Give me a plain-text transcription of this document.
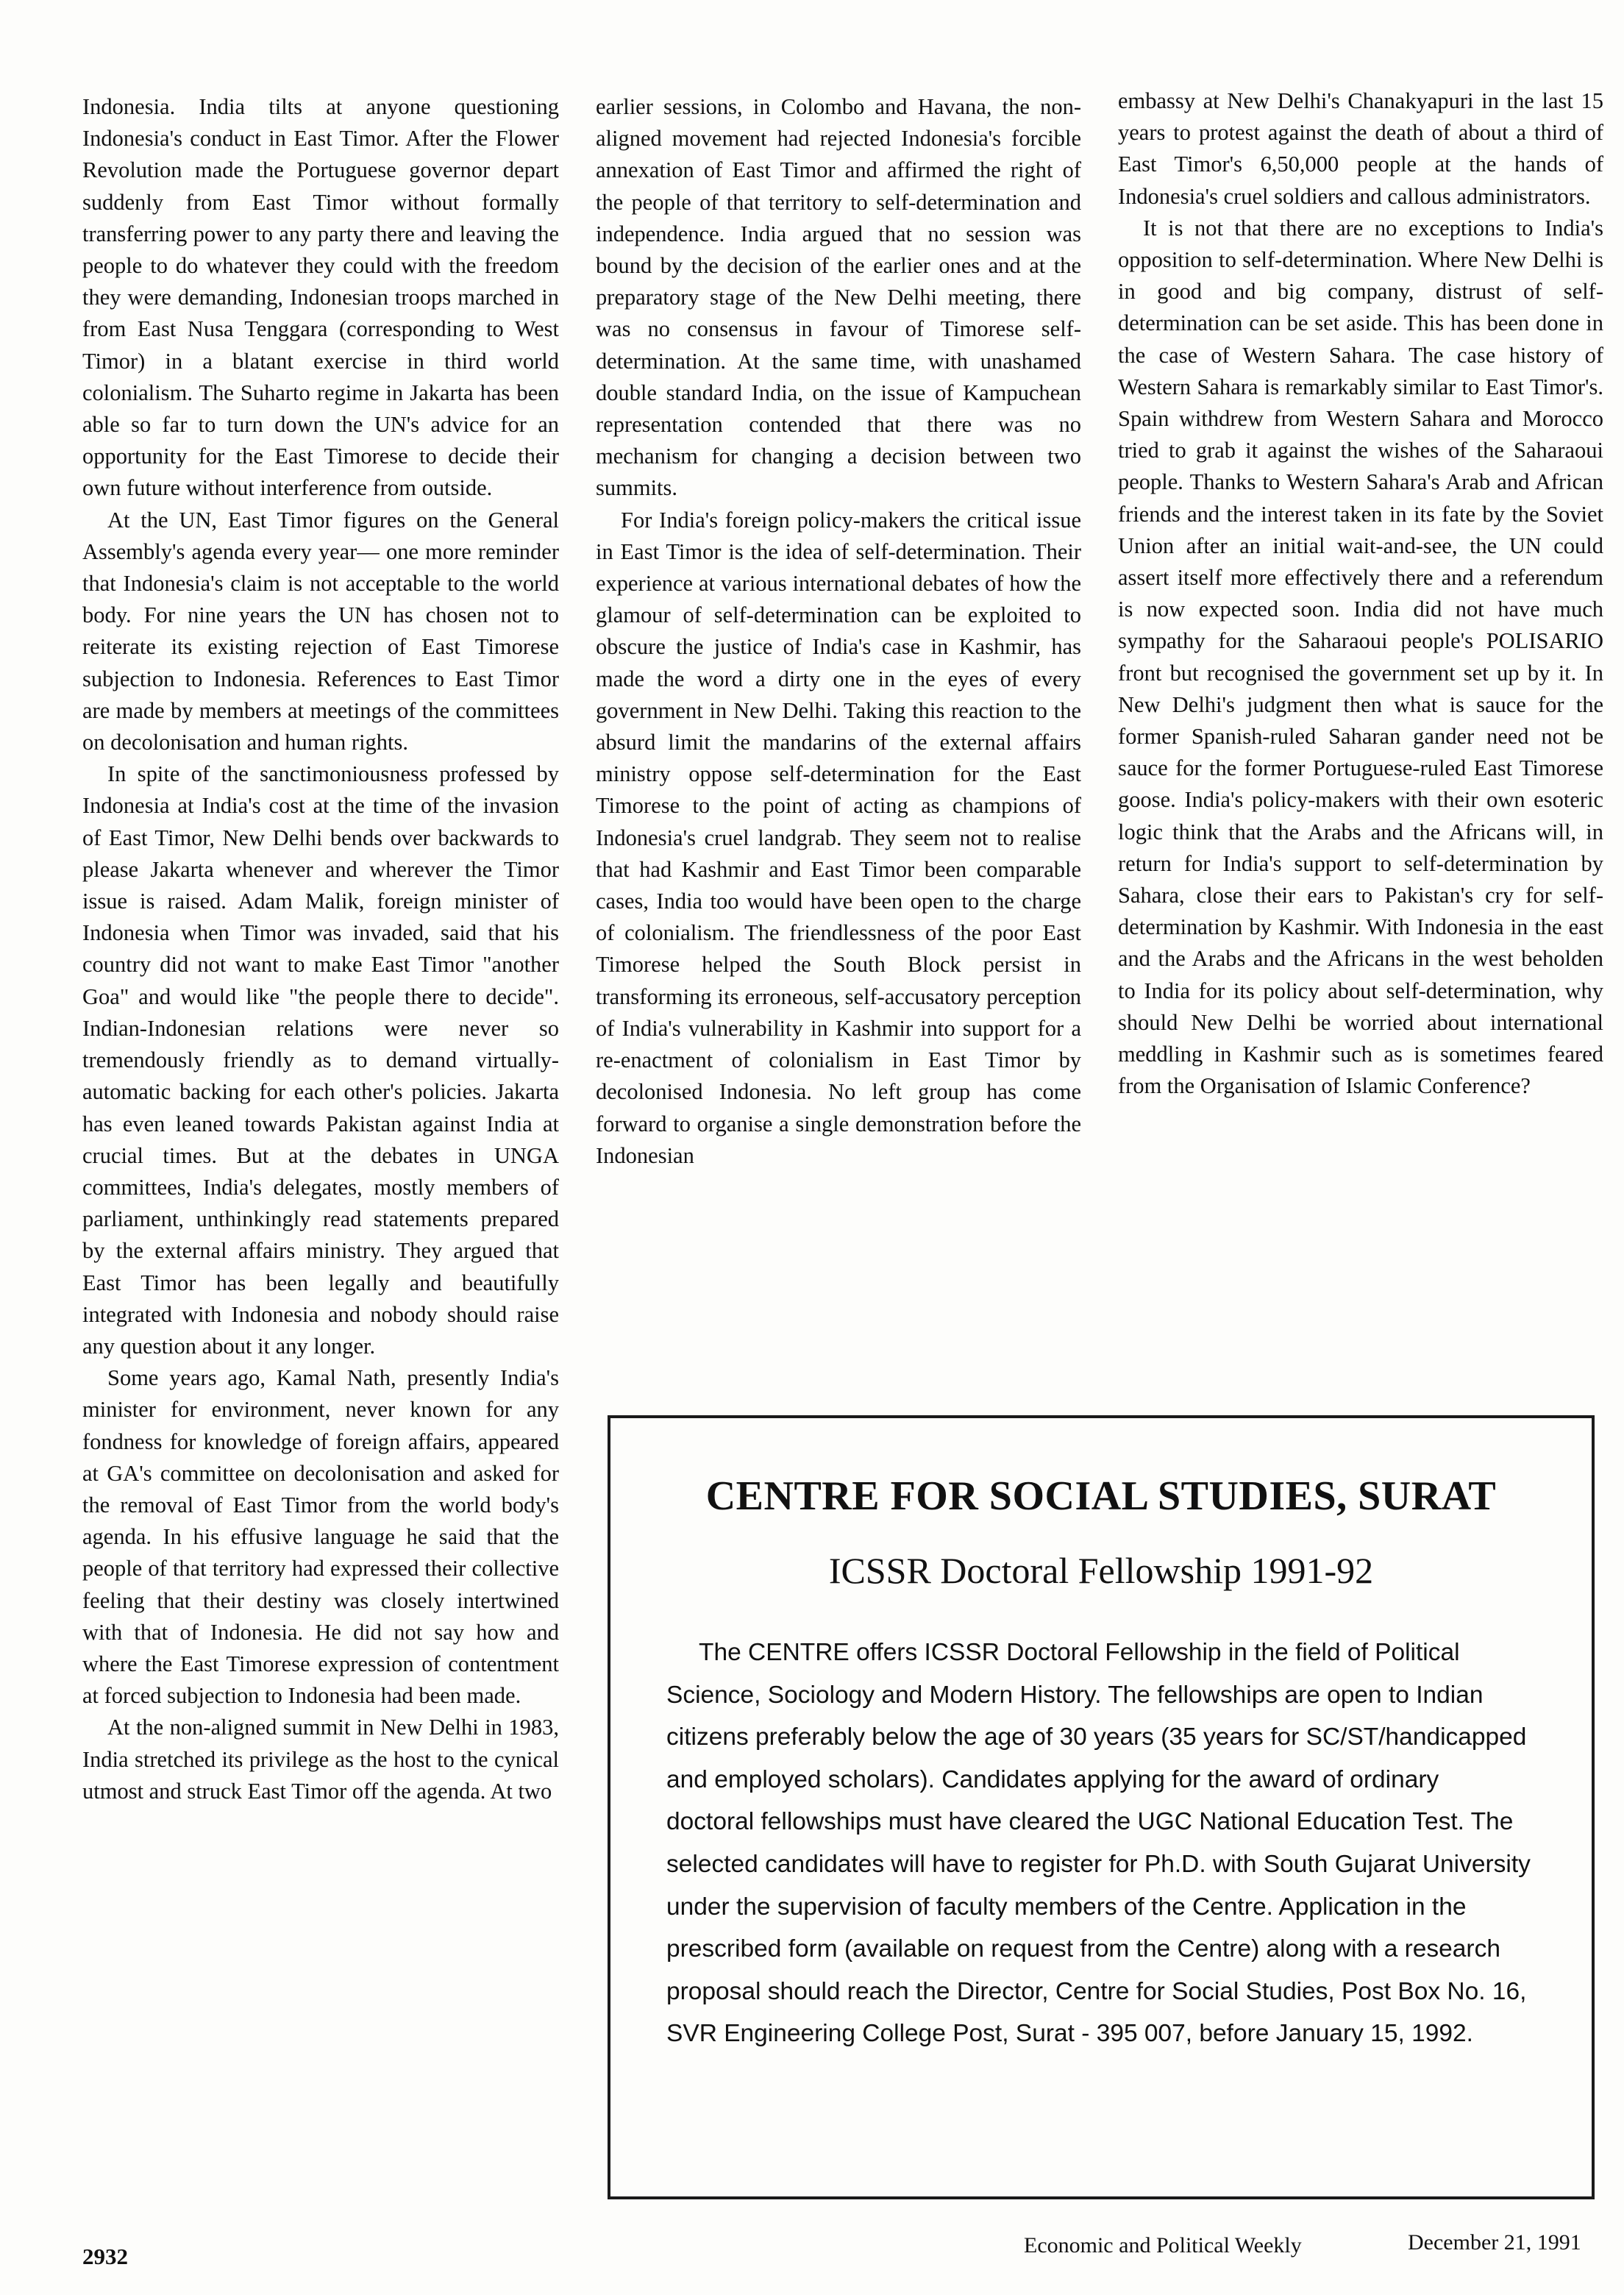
Indonesia. India tilts at anyone questioning Indonesia's conduct in East Timor. After the Flower Revolution made the Portuguese governor depart suddenly from East Timor without formally transferring power to any party there and leaving the people to do whatever they could with the freedom they were demanding, Indonesian troops marched in from East Nusa Tenggara (corresponding to West Timor) in a blatant exercise in third world colonialism. The Suharto regime in Jakarta has been able so far to turn down the UN's advice for an opportunity for the East Timorese to decide their own future without interference from outside.

At the UN, East Timor figures on the General Assembly's agenda every year— one more reminder that Indonesia's claim is not acceptable to the world body. For nine years the UN has chosen not to reiterate its existing rejection of East Timorese subjection to Indonesia. References to East Timor are made by members at meetings of the committees on decolonisation and human rights.

In spite of the sanctimoniousness professed by Indonesia at India's cost at the time of the invasion of East Timor, New Delhi bends over backwards to please Jakarta whenever and wherever the Timor issue is raised. Adam Malik, foreign minister of Indonesia when Timor was invaded, said that his country did not want to make East Timor "another Goa" and would like "the people there to decide". Indian-Indonesian relations were never so tremendously friendly as to demand virtually-automatic backing for each other's policies. Jakarta has even leaned towards Pakistan against India at crucial times. But at the debates in UNGA committees, India's delegates, mostly members of parliament, unthinkingly read statements prepared by the external affairs ministry. They argued that East Timor has been legally and beautifully integrated with Indonesia and nobody should raise any question about it any longer.

Some years ago, Kamal Nath, presently India's minister for environment, never known for any fondness for knowledge of foreign affairs, appeared at GA's committee on decolonisation and asked for the removal of East Timor from the world body's agenda. In his effusive language he said that the people of that territory had expressed their collective feeling that their destiny was closely intertwined with that of Indonesia. He did not say how and where the East Timorese expression of contentment at forced subjection to Indonesia had been made.

At the non-aligned summit in New Delhi in 1983, India stretched its privilege as the host to the cynical utmost and struck East Timor off the agenda. At two

earlier sessions, in Colombo and Havana, the non-aligned movement had rejected Indonesia's forcible annexation of East Timor and affirmed the right of the people of that territory to self-determination and independence. India argued that no session was bound by the decision of the earlier ones and at the preparatory stage of the New Delhi meeting, there was no consensus in favour of Timorese self-determination. At the same time, with unashamed double standard India, on the issue of Kampuchean representation contended that there was no mechanism for changing a decision between two summits.

For India's foreign policy-makers the critical issue in East Timor is the idea of self-determination. Their experience at various international debates of how the glamour of self-determination can be exploited to obscure the justice of India's case in Kashmir, has made the word a dirty one in the eyes of every government in New Delhi. Taking this reaction to the absurd limit the mandarins of the external affairs ministry oppose self-determination for the East Timorese to the point of acting as champions of Indonesia's cruel landgrab. They seem not to realise that had Kashmir and East Timor been comparable cases, India too would have been open to the charge of colonialism. The friendlessness of the poor East Timorese helped the South Block persist in transforming its erroneous, self-accusatory perception of India's vulnerability in Kashmir into support for a re-enactment of colonialism in East Timor by decolonised Indonesia. No left group has come forward to organise a single demonstration before the Indonesian

embassy at New Delhi's Chanakyapuri in the last 15 years to protest against the death of about a third of East Timor's 6,50,000 people at the hands of Indonesia's cruel soldiers and callous administrators.

It is not that there are no exceptions to India's opposition to self-determination. Where New Delhi is in good and big company, distrust of self-determination can be set aside. This has been done in the case of Western Sahara. The case history of Western Sahara is remarkably similar to East Timor's. Spain withdrew from Western Sahara and Morocco tried to grab it against the wishes of the Saharaoui people. Thanks to Western Sahara's Arab and African friends and the interest taken in its fate by the Soviet Union after an initial wait-and-see, the UN could assert itself more effectively there and a referendum is now expected soon. India did not have much sympathy for the Saharaoui people's POLISARIO front but recognised the government set up by it. In New Delhi's judgment then what is sauce for the former Spanish-ruled Saharan gander need not be sauce for the former Portuguese-ruled East Timorese goose. India's policy-makers with their own esoteric logic think that the Arabs and the Africans will, in return for India's support to self-determination by Sahara, close their ears to Pakistan's cry for self-determination by Kashmir. With Indonesia in the east and the Arabs and the Africans in the west beholden to India for its policy about self-determination, why should New Delhi be worried about international meddling in Kashmir such as is sometimes feared from the Organisation of Islamic Conference?

CENTRE FOR SOCIAL STUDIES, SURAT
ICSSR Doctoral Fellowship 1991-92

The CENTRE offers ICSSR Doctoral Fellowship in the field of Political Science, Sociology and Modern History. The fellowships are open to Indian citizens preferably below the age of 30 years (35 years for SC/ST/handicapped and employed scholars). Candidates applying for the award of ordinary doctoral fellowships must have cleared the UGC National Education Test. The selected candidates will have to register for Ph.D. with South Gujarat University under the supervision of faculty members of the Centre. Application in the prescribed form (available on request from the Centre) along with a research proposal should reach the Director, Centre for Social Studies, Post Box No. 16, SVR Engineering College Post, Surat - 395 007, before January 15, 1992.

2932	Economic and Political Weekly	December 21, 1991
